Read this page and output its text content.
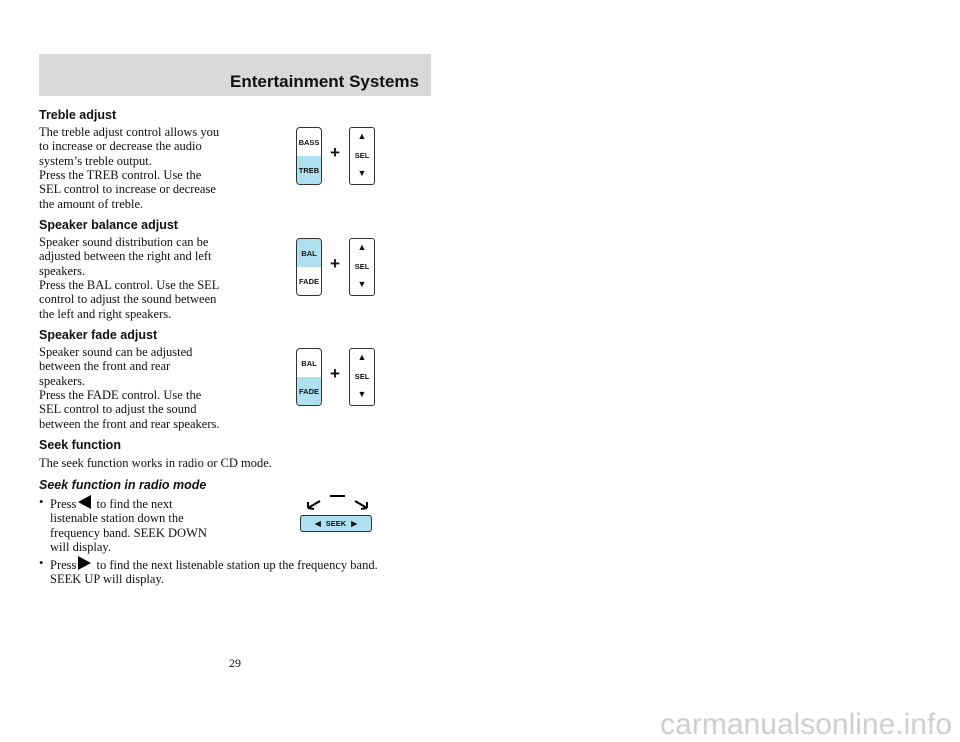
Entertainment Systems
Treble adjust
The treble adjust control allows you
to increase or decrease the audio
system’s treble output.
Press the TREB control. Use the
SEL control to increase or decrease
the amount of treble.
BASS
TREB
+
▲
SEL
▼
Speaker balance adjust
Speaker sound distribution can be
adjusted between the right and left
speakers.
Press the BAL control. Use the SEL
control to adjust the sound between
the left and right speakers.
BAL
FADE
+
▲
SEL
▼
Speaker fade adjust
Speaker sound can be adjusted
between the front and rear
speakers.
Press the FADE control. Use the
SEL control to adjust the sound
between the front and rear speakers.
BAL
FADE
+
▲
SEL
▼
Seek function
The seek function works in radio or CD mode.
Seek function in radio mode
• Press to find the next
listenable station down the
frequency band. SEEK DOWN
will display.
◀ SEEK ▶
• Press to find the next listenable station up the frequency band.
SEEK UP will display.
29
carmanualsonline.info
